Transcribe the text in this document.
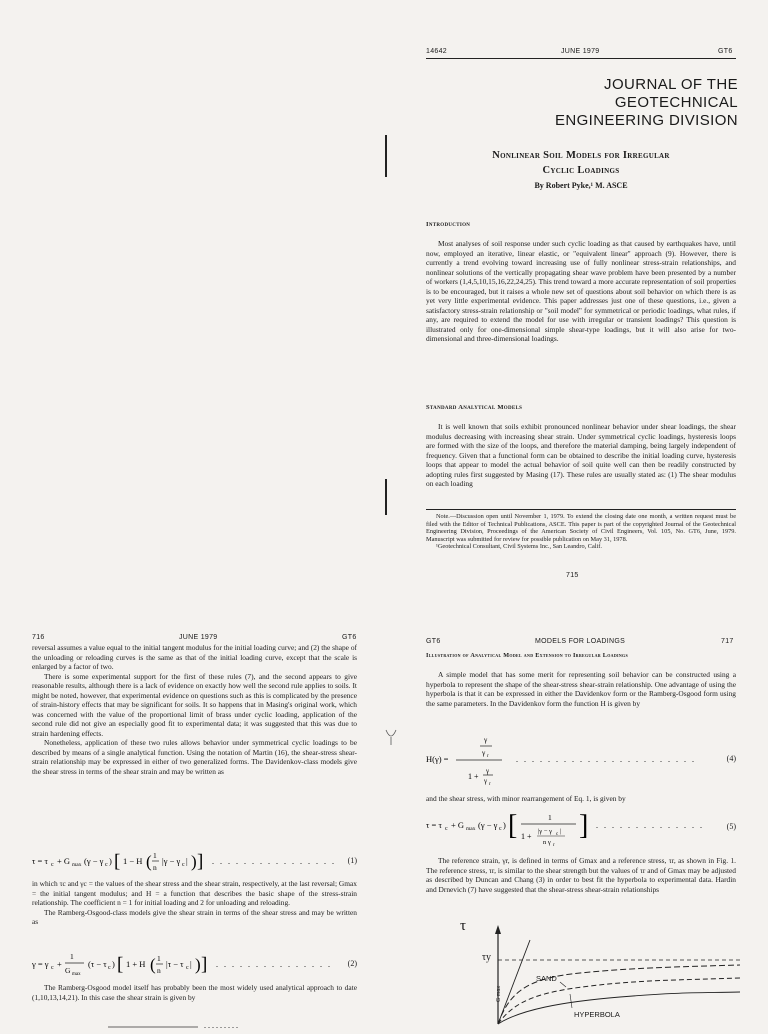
14642	JUNE 1979	GT6
JOURNAL OF THE
GEOTECHNICAL
ENGINEERING DIVISION
Nonlinear Soil Models for Irregular
Cyclic Loadings
By Robert Pyke,¹ M. ASCE
Introduction

Most analyses of soil response under such cyclic loading as that caused by earthquakes have, until now, employed an iterative, linear elastic, or "equivalent linear" approach (9). However, there is currently a trend evolving toward increasing use of fully nonlinear stress-strain relationships, and nonlinear solutions of the vertically propagating shear wave problem have been presented by a number of workers (1,4,5,10,15,16,22,24,25). This trend toward a more accurate representation of soil properties is to be encouraged, but it raises a whole new set of questions about soil behavior on which there is as yet very little experimental evidence. This paper addresses just one of these questions, i.e., given a satisfactory stress-strain relationship or "soil model" for symmetrical or periodic loadings, what rules, if any, are required to extend the model for use with irregular or transient loadings? This question is illustrated only for one-dimensional simple shear-type loadings, but it will also arise for two-dimensional and three-dimensional loadings.

Standard Analytical Models

It is well known that soils exhibit pronounced nonlinear behavior under shear loadings, the shear modulus decreasing with increasing shear strain. Under symmetrical cyclic loadings, hysteresis loops are formed with the size of the loops, and therefore the material damping, being largely independent of frequency. Given that a functional form can be obtained to describe the initial loading curve, hysteresis loops that appear to model the actual behavior of soil quite well can then be readily constructed by adopting rules first suggested by Masing (17). These rules are usually stated as: (1) The shear modulus on each loading

Note.—Discussion open until November 1, 1979. To extend the closing date one month, a written request must be filed with the Editor of Technical Publications, ASCE. This paper is part of the copyrighted Journal of the Geotechnical Engineering Division, Proceedings of the American Society of Civil Engineers, Vol. 105, No. GT6, June, 1979. Manuscript was submitted for review for possible publication on May 31, 1978.
¹Geotechnical Consultant, Civil Systems Inc., San Leandro, Calif.
715
716	JUNE 1979	GT6

reversal assumes a value equal to the initial tangent modulus for the initial loading curve; and (2) the shape of the unloading or reloading curves is the same as that of the initial loading curve, except that the scale is enlarged by a factor of two.

There is some experimental support for the first of these rules (7), and the second appears to give reasonable results, although there is a lack of evidence on exactly how well the second rule applies to soils. It might be noted, however, that experimental evidence on questions such as this is complicated by the presence of strain-history effects that may be significant for soils. It so happens that in Masing's original work, which was concerned with the value of the proportional limit of brass under cyclic loading, application of the second rule did not give an especially good fit to experimental data; it was suggested that this was due to strain hardening effects.

Nonetheless, application of these two rules allows behavior under symmetrical cyclic loadings to be described by means of a single analytical function. Using the notation of Martin (16), the shear-stress shear-strain relationship may be expressed in either of two generalized forms. The Davidenkov-class models give the shear stress in terms of the shear strain and may be written as

τ = τ c + G max (γ − γ c ) [ 1 − H ( 1
n
|γ − γ c | ) ] . . . . . . . . . . . . . . . . (1)

in which τc and γc = the values of the shear stress and the shear strain, respectively, at the last reversal; Gmax = the initial tangent modulus; and H = a function that describes the basic shape of the stress-strain relationship. The coefficient n = 1 for initial loading and 2 for unloading and reloading.

The Ramberg-Osgood-class models give the shear strain in terms of the shear stress and may be written as

γ = γ c +
1
G max
(τ − τ c ) [ 1 + H ( 1
n
|τ − τ c | ) ] . . . . . . . . . . . . . . . (2)

The Ramberg-Osgood model itself has probably been the most widely used analytical approach to date (1,10,13,14,21). In this case the shear strain is given by

. . . . . . . . .
GT6	MODELS FOR LOADINGS	717
Illustration of Analytical Model and Extension to Irregular Loadings

A simple model that has some merit for representing soil behavior can be constructed using a hyperbola to represent the shape of the shear-stress shear-strain relationship. One advantage of using the hyperbola is that it can be expressed in either the Davidenkov form or the Ramberg-Osgood form using the same parameters. In the Davidenkov form the function H is given by

γ
γ r
H(γ) =
1 +
γ
γ r
. . . . . . . . . . . . . . . . . . . . . . .	(4)

and the shear stress, with minor rearrangement of Eq. 1, is given by

τ = τ c + G max (γ − γ c ) [	1
1 +
|γ − γ c |
n γ r
] . . . . . . . . . . . . . .	(5)

The reference strain, γr, is defined in terms of Gmax and a reference stress, τr, as shown in Fig. 1. The reference stress, τr, is similar to the shear strength but the values of τr and of Gmax may be adjusted as described by Duncan and Chang (3) in order to best fit the hyperbola to experimental data. Hardin and Drnevich (7) have suggested that the shear-stress shear-strain relationships

τ
τy
SAND
HYPERBOLA
G max
